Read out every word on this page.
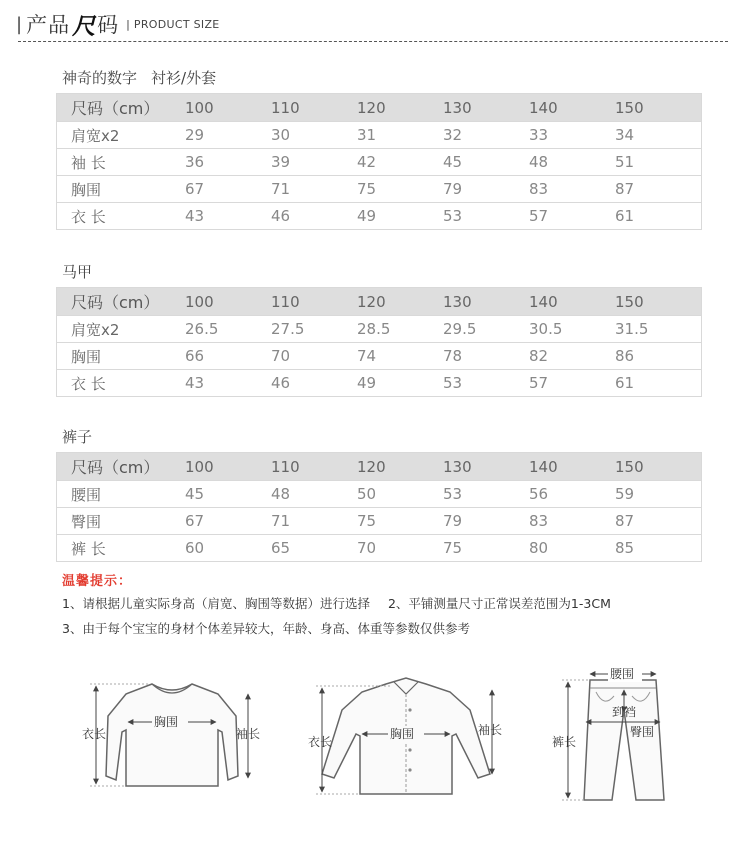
| 产品 尺 码 | PRODUCT SIZE
神奇的数字 衬衫/外套
尺码（cm）	100	110	120	130	140	150
肩宽x2	29	30	31	32	33	34
袖 长	36	39	42	45	48	51
胸围	67	71	75	79	83	87
衣 长	43	46	49	53	57	61
马甲
尺码（cm）	100	110	120	130	140	150
肩宽x2	26.5	27.5	28.5	29.5	30.5	31.5
胸围	66	70	74	78	82	86
衣 长	43	46	49	53	57	61
裤子
尺码（cm）	100	110	120	130	140	150
腰围	45	48	50	53	56	59
臀围	67	71	75	79	83	87
裤 长	60	65	70	75	80	85
温馨提示：
1、请根据儿童实际身高（肩宽、胸围等数据）进行选择 2、平铺测量尺寸正常误差范围为1-3CM
3、由于每个宝宝的身材个体差异较大，年龄、身高、体重等参数仅供参考
衣长
胸围
袖长
衣长
胸围	袖长
腰围
到裆
臀围
裤长
